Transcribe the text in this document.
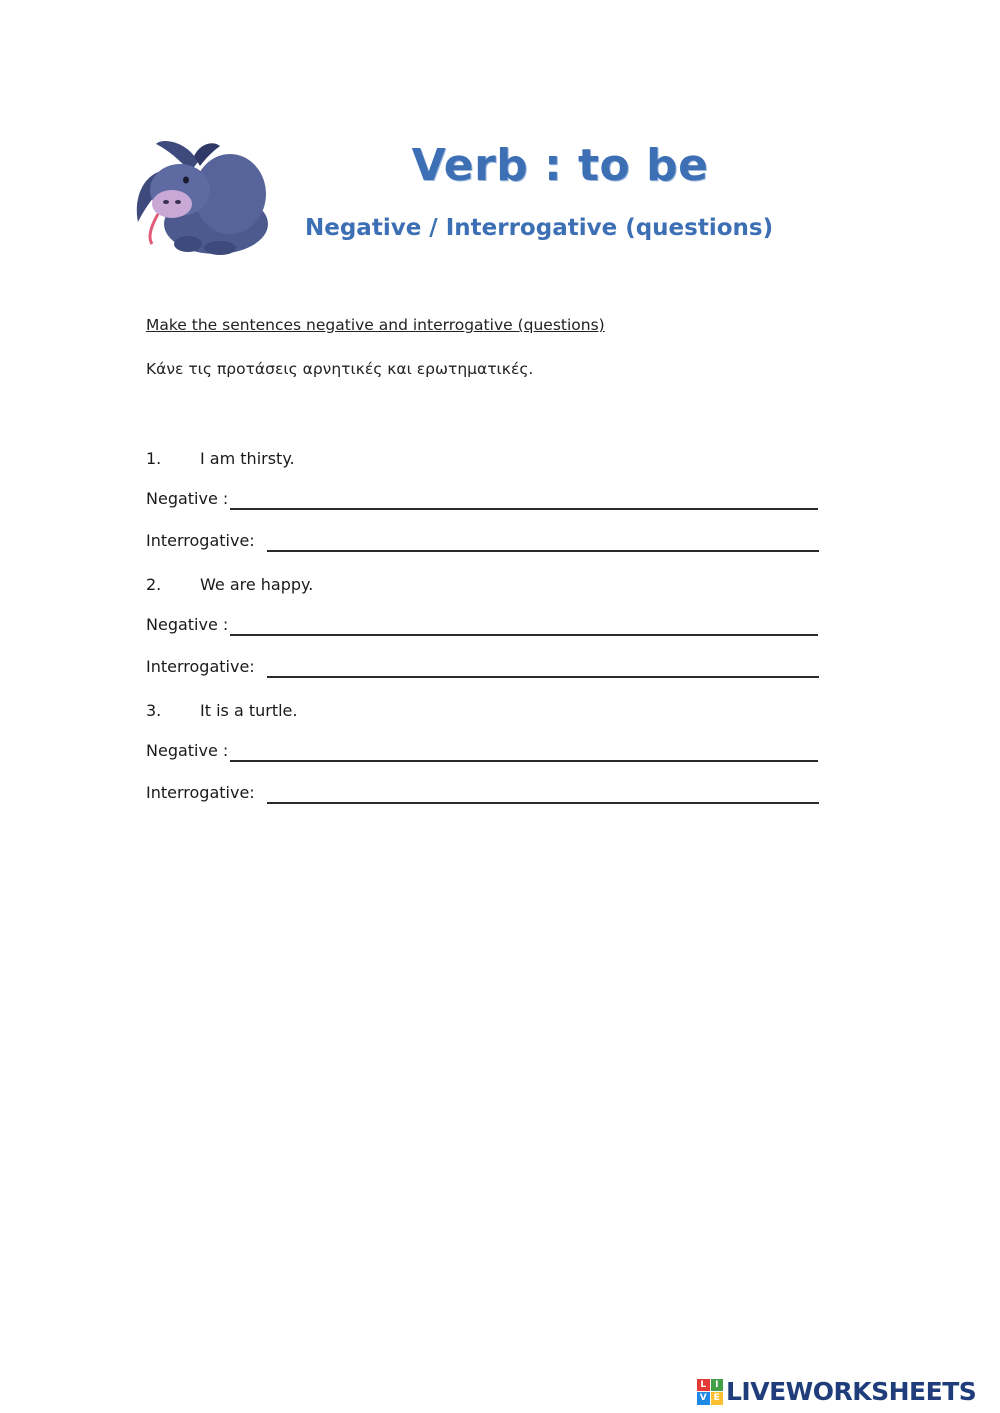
Verb : to be
Negative / Interrogative (questions)
Make the sentences negative and interrogative (questions)
Κάνε τις προτάσεις αρνητικές και ερωτηματικές.
1.	I am thirsty.
Negative :
Interrogative:
2.	We are happy.
Negative :
Interrogative:
3.	It is a turtle.
Negative :
Interrogative:
L I
V E LIVEWORKSHEETS
